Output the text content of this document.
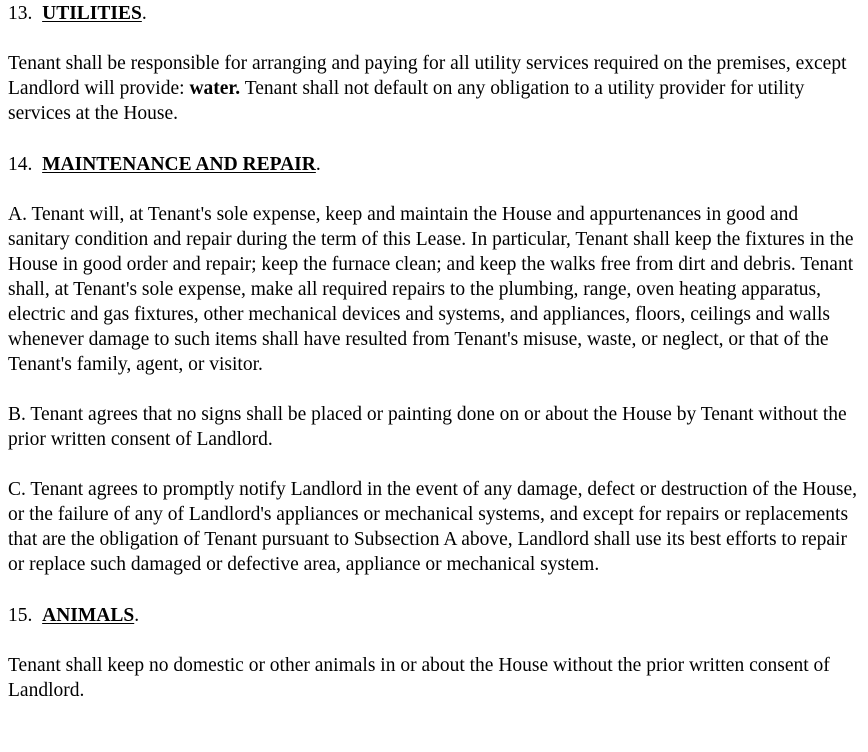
13. UTILITIES.

Tenant shall be responsible for arranging and paying for all utility services required on the premises, except Landlord will provide: water. Tenant shall not default on any obligation to a utility provider for utility services at the House.

14. MAINTENANCE AND REPAIR.

A. Tenant will, at Tenant's sole expense, keep and maintain the House and appurtenances in good and sanitary condition and repair during the term of this Lease. In particular, Tenant shall keep the fixtures in the House in good order and repair; keep the furnace clean; and keep the walks free from dirt and debris. Tenant shall, at Tenant's sole expense, make all required repairs to the plumbing, range, oven heating apparatus, electric and gas fixtures, other mechanical devices and systems, and appliances, floors, ceilings and walls whenever damage to such items shall have resulted from Tenant's misuse, waste, or neglect, or that of the Tenant's family, agent, or visitor.

B. Tenant agrees that no signs shall be placed or painting done on or about the House by Tenant without the prior written consent of Landlord.

C. Tenant agrees to promptly notify Landlord in the event of any damage, defect or destruction of the House, or the failure of any of Landlord's appliances or mechanical systems, and except for repairs or replacements that are the obligation of Tenant pursuant to Subsection A above, Landlord shall use its best efforts to repair or replace such damaged or defective area, appliance or mechanical system.

15. ANIMALS.

Tenant shall keep no domestic or other animals in or about the House without the prior written consent of Landlord.
